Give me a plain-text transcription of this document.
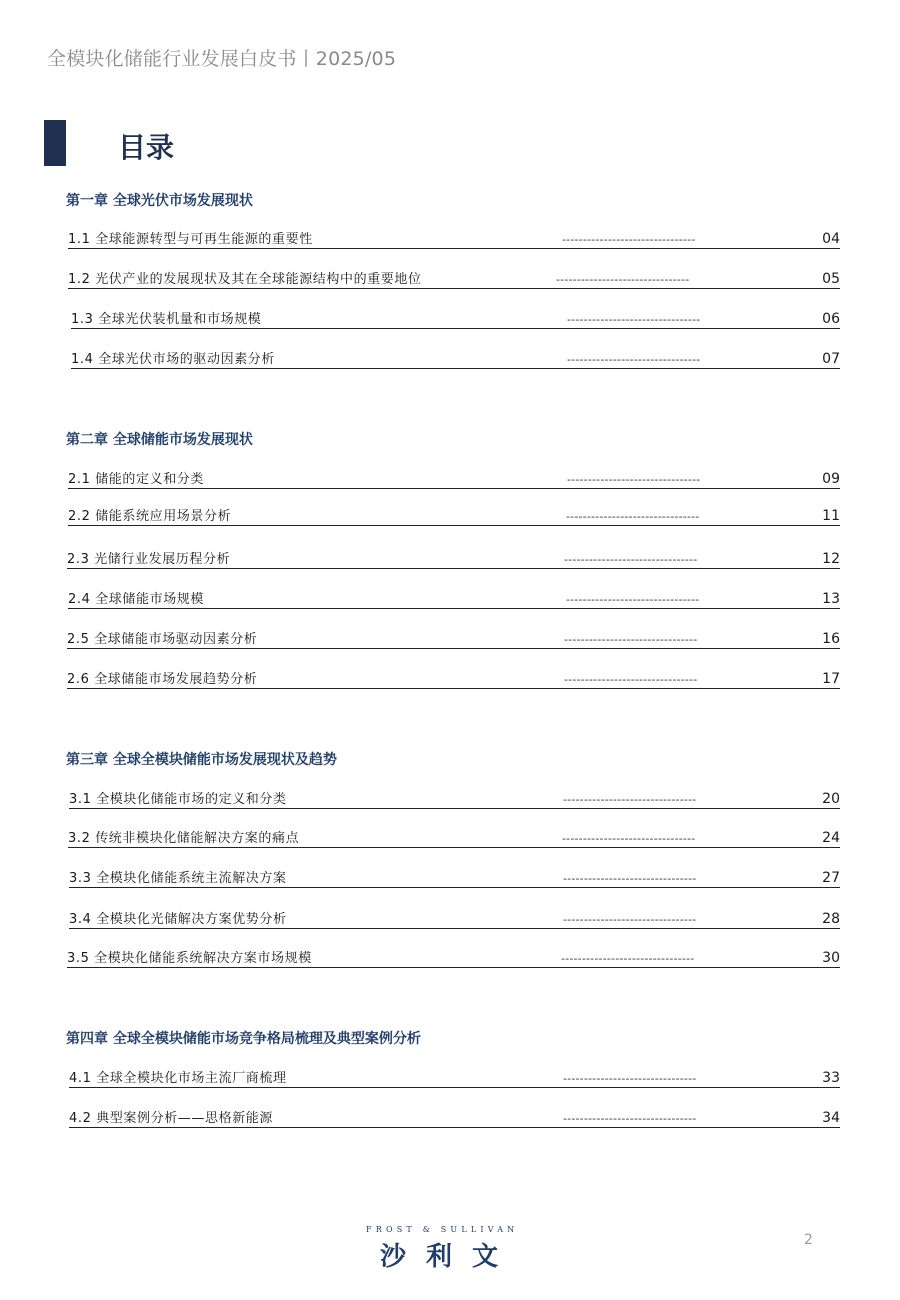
全模块化储能行业发展白皮书丨2025/05
目录
第一章 全球光伏市场发展现状
1.1 全球能源转型与可再生能源的重要性	--------------------------------	04
1.2 光伏产业的发展现状及其在全球能源结构中的重要地位	--------------------------------	05
1.3 全球光伏装机量和市场规模	--------------------------------	06
1.4 全球光伏市场的驱动因素分析	--------------------------------	07
第二章 全球储能市场发展现状
2.1 储能的定义和分类	--------------------------------	09
2.2 储能系统应用场景分析	--------------------------------	11
2.3 光储行业发展历程分析	--------------------------------	12
2.4 全球储能市场规模	--------------------------------	13
2.5 全球储能市场驱动因素分析	--------------------------------	16
2.6 全球储能市场发展趋势分析	--------------------------------	17
第三章 全球全模块储能市场发展现状及趋势
3.1 全模块化储能市场的定义和分类	--------------------------------	20
3.2 传统非模块化储能解决方案的痛点	--------------------------------	24
3.3 全模块化储能系统主流解决方案	--------------------------------	27
3.4 全模块化光储解决方案优势分析	--------------------------------	28
3.5 全模块化储能系统解决方案市场规模	--------------------------------	30
第四章 全球全模块储能市场竞争格局梳理及典型案例分析
4.1 全球全模块化市场主流厂商梳理	--------------------------------	33
4.2 典型案例分析——思格新能源	--------------------------------	34
FROST & SULLIVAN
沙利文
2
